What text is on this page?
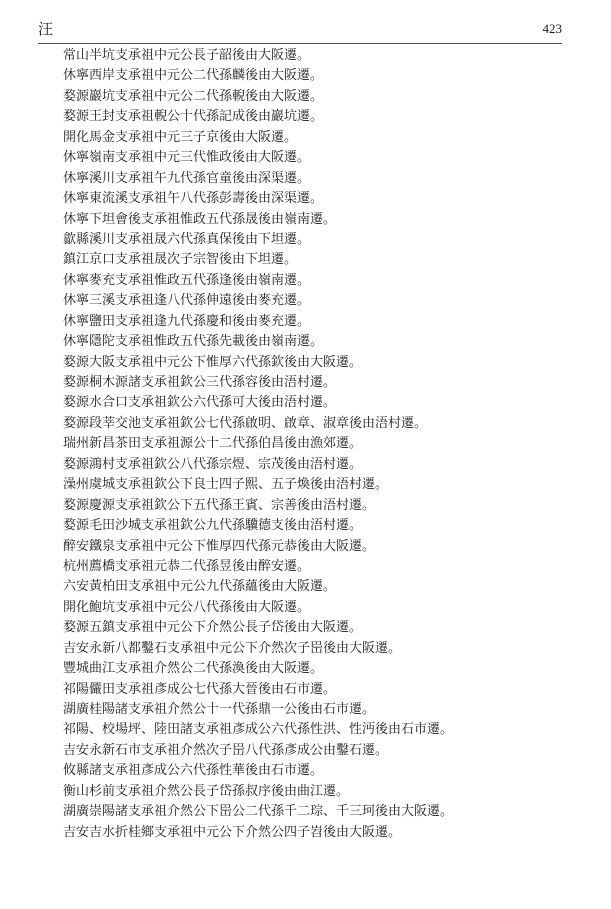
汪	423
常山半坑支承祖中元公長子韶後由大阪遷。
休寧西岸支承祖中元公二代孫麟後由大阪遷。
婺源巖坑支承祖中元公二代孫輗後由大阪遷。
婺源王封支承祖輗公十代孫記成後由巖坑遷。
開化馬金支承祖中元三子京後由大阪遷。
休寧嶺南支承祖中元三代惟政後由大阪遷。
休寧溪川支承祖午九代孫官童後由深渠遷。
休寧東流溪支承祖午八代孫彭壽後由深渠遷。
休寧下坦會後支承祖惟政五代孫晟後由嶺南遷。
歙縣溪川支承祖晟六代孫真保後由下坦遷。
鎮江京口支承祖晟次子宗智後由下坦遷。
休寧麥充支承祖惟政五代孫逢後由嶺南遷。
休寧三溪支承祖逢八代孫伸遠後由麥充遷。
休寧鹽田支承祖逢九代孫慶和後由麥充遷。
休寧隱陀支承祖惟政五代孫先載後由嶺南遷。
婺源大阪支承祖中元公下惟厚六代孫欽後由大阪遷。
婺源桐木源諸支承祖欽公三代孫容後由浯村遷。
婺源水合口支承祖欽公六代孫可大後由浯村遷。
婺源段莘交池支承祖欽公七代孫啟明、啟章、淑章後由浯村遷。
瑞州新昌茶田支承祖源公十二代孫伯昌後由漁郊遷。
婺源鴻村支承祖欽公八代孫宗煜、宗茂後由浯村遷。
澡州虞城支承祖欽公下良士四子熙、五子煥後由浯村遷。
婺源慶源支承祖欽公下五代孫王賓、宗善後由浯村遷。
婺源毛田沙城支承祖欽公九代孫驥德支後由浯村遷。
醉安鐵泉支承祖中元公下惟厚四代孫元恭後由大阪遷。
杭州薦橋支承祖元恭二代孫昱後由醉安遷。
六安黃柏田支承祖中元公九代孫蘊後由大阪遷。
開化鮑坑支承祖中元公八代孫後由大阪遷。
婺源五鎮支承祖中元公下介然公長子岱後由大阪遷。
吉安永新八都鑿石支承祖中元公下介然次子岊後由大阪遷。
豐城曲江支承祖介然公二代孫渙後由大阪遷。
祁陽儼田支承祖彥成公七代孫大晉後由石市遷。
湖廣桂陽諸支承祖介然公十一代孫鼎一公後由石市遷。
祁陽、校場坪、陸田諸支承祖彥成公六代孫性洪、性沔後由石市遷。
吉安永新石市支承祖介然次子岊八代孫彥成公由鑿石遷。
攸縣諸支承祖彥成公六代孫性華後由石市遷。
衡山杉前支承祖介然公長子岱孫叔序後由曲江遷。
湖廣崇陽諸支承祖介然公下岊公二代孫千二琮、千三珂後由大阪遷。
吉安吉水折桂鄉支承祖中元公下介然公四子岧後由大阪遷。
